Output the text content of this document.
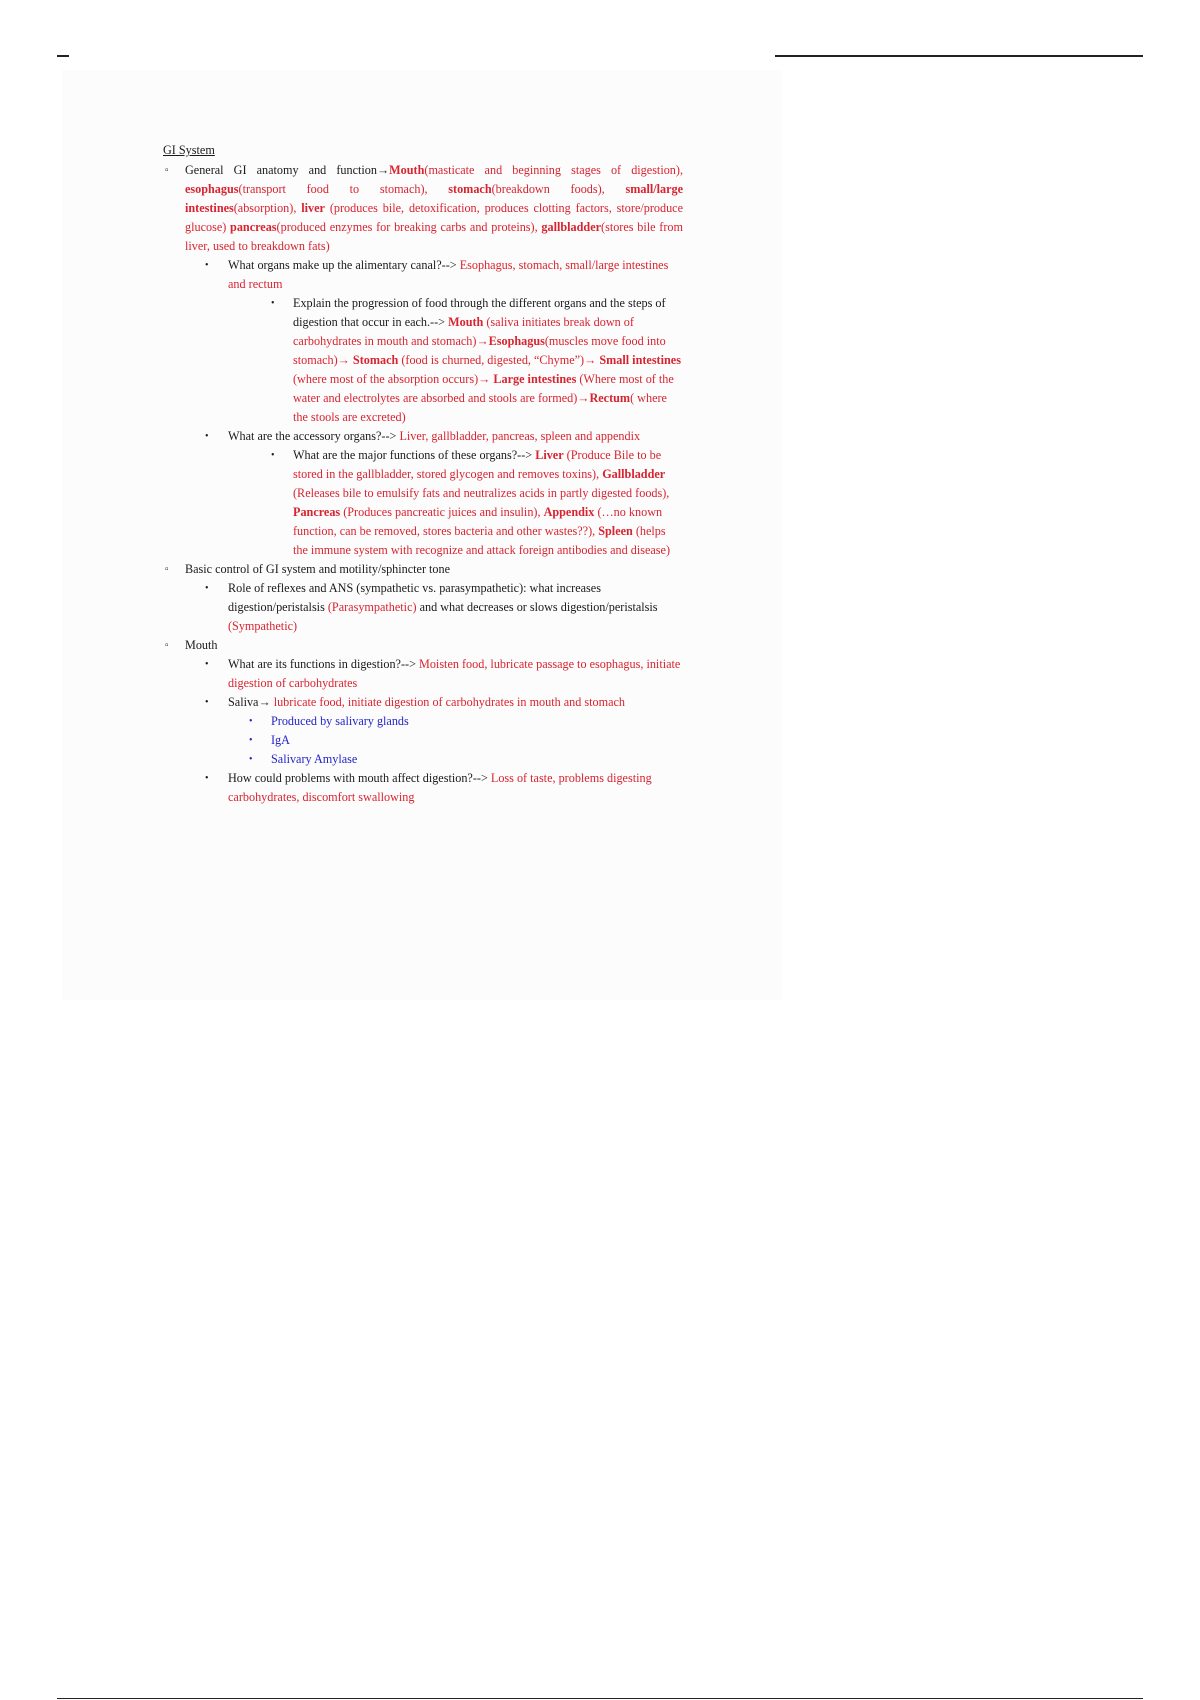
GI System
▫ General GI anatomy and function→Mouth(masticate and beginning stages of digestion), esophagus(transport food to stomach), stomach(breakdown foods), small/large intestines(absorption), liver (produces bile, detoxification, produces clotting factors, store/produce glucose) pancreas(produced enzymes for breaking carbs and proteins), gallbladder(stores bile from liver, used to breakdown fats)
• What organs make up the alimentary canal?--> Esophagus, stomach, small/large intestines and rectum
• Explain the progression of food through the different organs and the steps of digestion that occur in each.--> Mouth (saliva initiates break down of carbohydrates in mouth and stomach)→Esophagus(muscles move food into stomach)→ Stomach (food is churned, digested, “Chyme”)→ Small intestines (where most of the absorption occurs)→ Large intestines (Where most of the water and electrolytes are absorbed and stools are formed)→Rectum( where the stools are excreted)
• What are the accessory organs?--> Liver, gallbladder, pancreas, spleen and appendix
• What are the major functions of these organs?--> Liver (Produce Bile to be stored in the gallbladder, stored glycogen and removes toxins), Gallbladder (Releases bile to emulsify fats and neutralizes acids in partly digested foods), Pancreas (Produces pancreatic juices and insulin), Appendix (…no known function, can be removed, stores bacteria and other wastes??), Spleen (helps the immune system with recognize and attack foreign antibodies and disease)
▫ Basic control of GI system and motility/sphincter tone
• Role of reflexes and ANS (sympathetic vs. parasympathetic): what increases digestion/peristalsis (Parasympathetic) and what decreases or slows digestion/peristalsis (Sympathetic)
▫ Mouth
• What are its functions in digestion?--> Moisten food, lubricate passage to esophagus, initiate digestion of carbohydrates
• Saliva→ lubricate food, initiate digestion of carbohydrates in mouth and stomach
• Produced by salivary glands
• IgA
• Salivary Amylase
• How could problems with mouth affect digestion?--> Loss of taste, problems digesting carbohydrates, discomfort swallowing
